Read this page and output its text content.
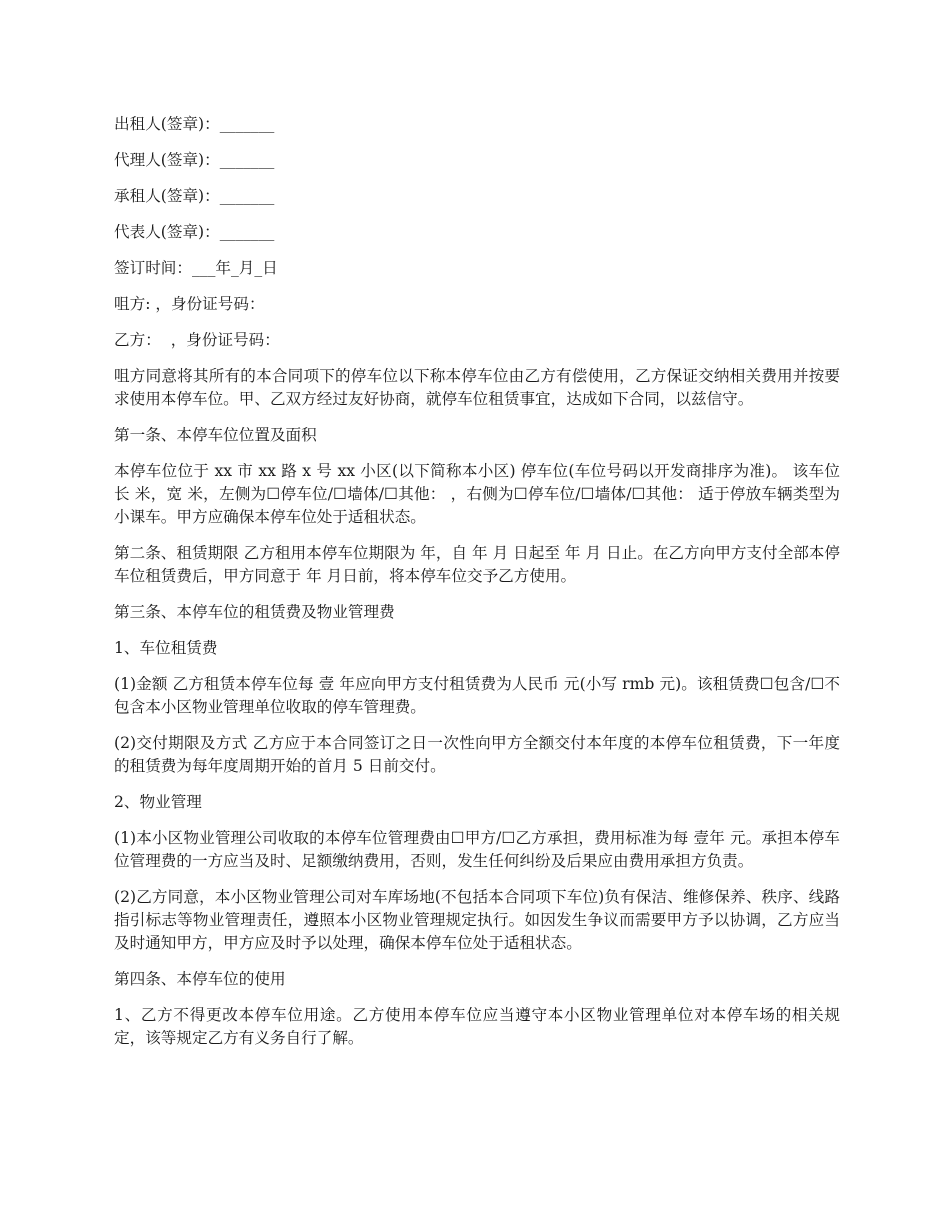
出租人(签章)：_______

代理人(签章)：_______

承租人(签章)：_______

代表人(签章)：_______

签订时间：___年_月_日

咀方: ，身份证号码：

乙方：  ，身份证号码：

咀方同意将其所有的本合同项下的停车位以下称本停车位由乙方有偿使用，乙方保证交纳相关费用并按要求使用本停车位。甲、乙双方经过友好协商，就停车位租赁事宜，达成如下合同，以兹信守。

第一条、本停车位位置及面积

本停车位位于 xx 市 xx 路 x 号 xx 小区(以下简称本小区) 停车位(车位号码以开发商排序为准)。 该车位长 米，宽 米，左侧为☐停车位/☐墙体/☐其他： ，右侧为☐停车位/☐墙体/☐其他： 适于停放车辆类型为小课车。甲方应确保本停车位处于适租状态。

第二条、租赁期限 乙方租用本停车位期限为 年，自 年 月 日起至 年 月 日止。在乙方向甲方支付全部本停车位租赁费后，甲方同意于 年 月日前，将本停车位交予乙方使用。

第三条、本停车位的租赁费及物业管理费

1、车位租赁费

(1)金额 乙方租赁本停车位每 壹 年应向甲方支付租赁费为人民币 元(小写 rmb 元)。该租赁费☐包含/☐不包含本小区物业管理单位收取的停车管理费。

(2)交付期限及方式 乙方应于本合同签订之日一次性向甲方全额交付本年度的本停车位租赁费，下一年度的租赁费为每年度周期开始的首月 5 日前交付。

2、物业管理

(1)本小区物业管理公司收取的本停车位管理费由☐甲方/☐乙方承担，费用标准为每 壹年 元。承担本停车位管理费的一方应当及时、足额缴纳费用，否则，发生任何纠纷及后果应由费用承担方负责。

(2)乙方同意，本小区物业管理公司对车库场地(不包括本合同项下车位)负有保洁、维修保养、秩序、线路指引标志等物业管理责任，遵照本小区物业管理规定执行。如因发生争议而需要甲方予以协调，乙方应当及时通知甲方，甲方应及时予以处理，确保本停车位处于适租状态。

第四条、本停车位的使用

1、乙方不得更改本停车位用途。乙方使用本停车位应当遵守本小区物业管理单位对本停车场的相关规定，该等规定乙方有义务自行了解。
